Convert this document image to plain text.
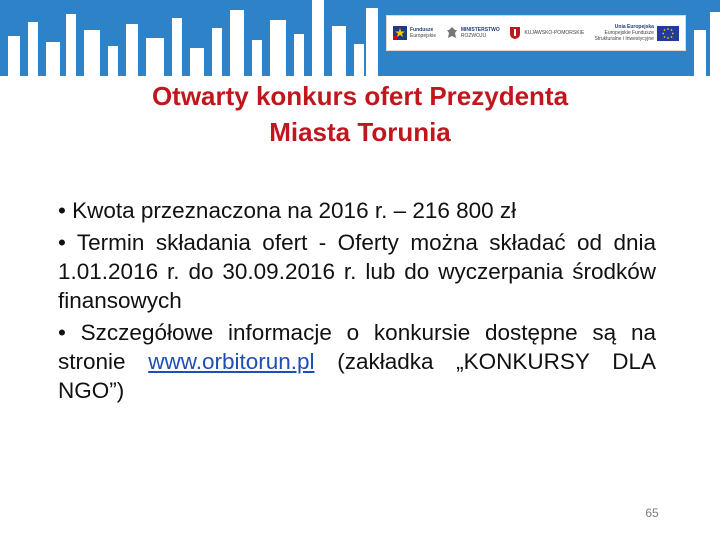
Fundusze
Europejskie
MINISTERSTWO
ROZWOJU	KUJAWSKO-POMORSKIE
Unia Europejska
Europejskie Fundusze Strukturalne i Inwestycyjne
Otwarty konkurs ofert Prezydenta
Miasta Torunia

• Kwota przeznaczona na 2016 r. – 216 800 zł

• Termin składania ofert - Oferty można składać od dnia 1.01.2016 r. do 30.09.2016 r. lub do wyczerpania środków finansowych

• Szczegółowe informacje o konkursie dostępne są na stronie www.orbitorun.pl (zakładka „KONKURSY DLA NGO”)

65
